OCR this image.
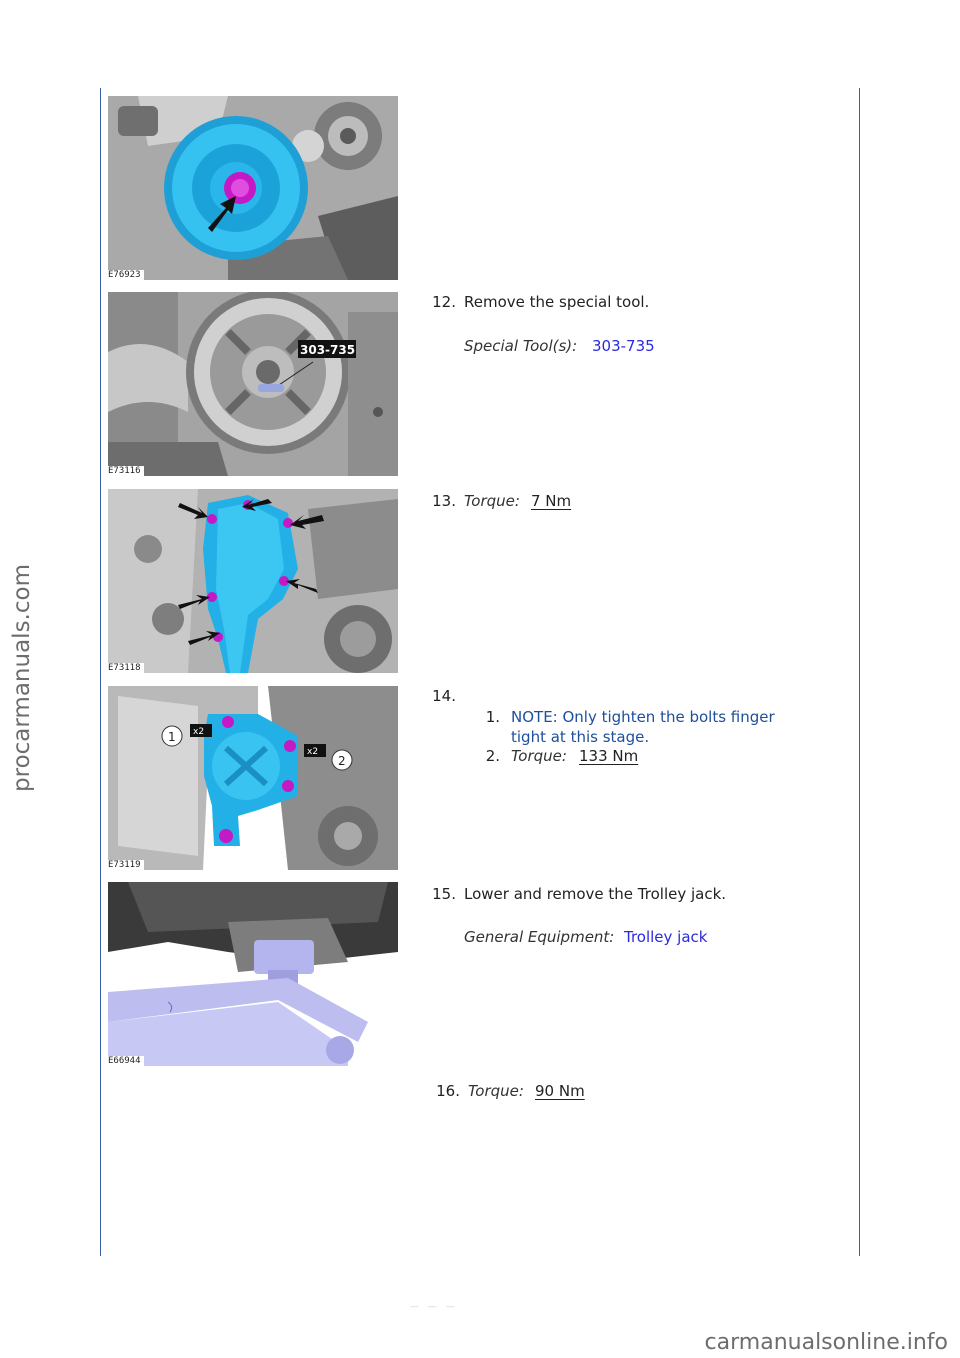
procarmanuals.com
carmanualsonline.info
— — —
E76923
303-735
E73116
E73118
1 x2
2
x2
E73119
E66944
12. Remove the special tool.
Special Tool(s): 303-735
13. Torque: 7 Nm
14.
1. NOTE: Only tighten the bolts finger
tight at this stage.
2. Torque: 133 Nm
15. Lower and remove the Trolley jack.
General Equipment: Trolley jack
16. Torque: 90 Nm
